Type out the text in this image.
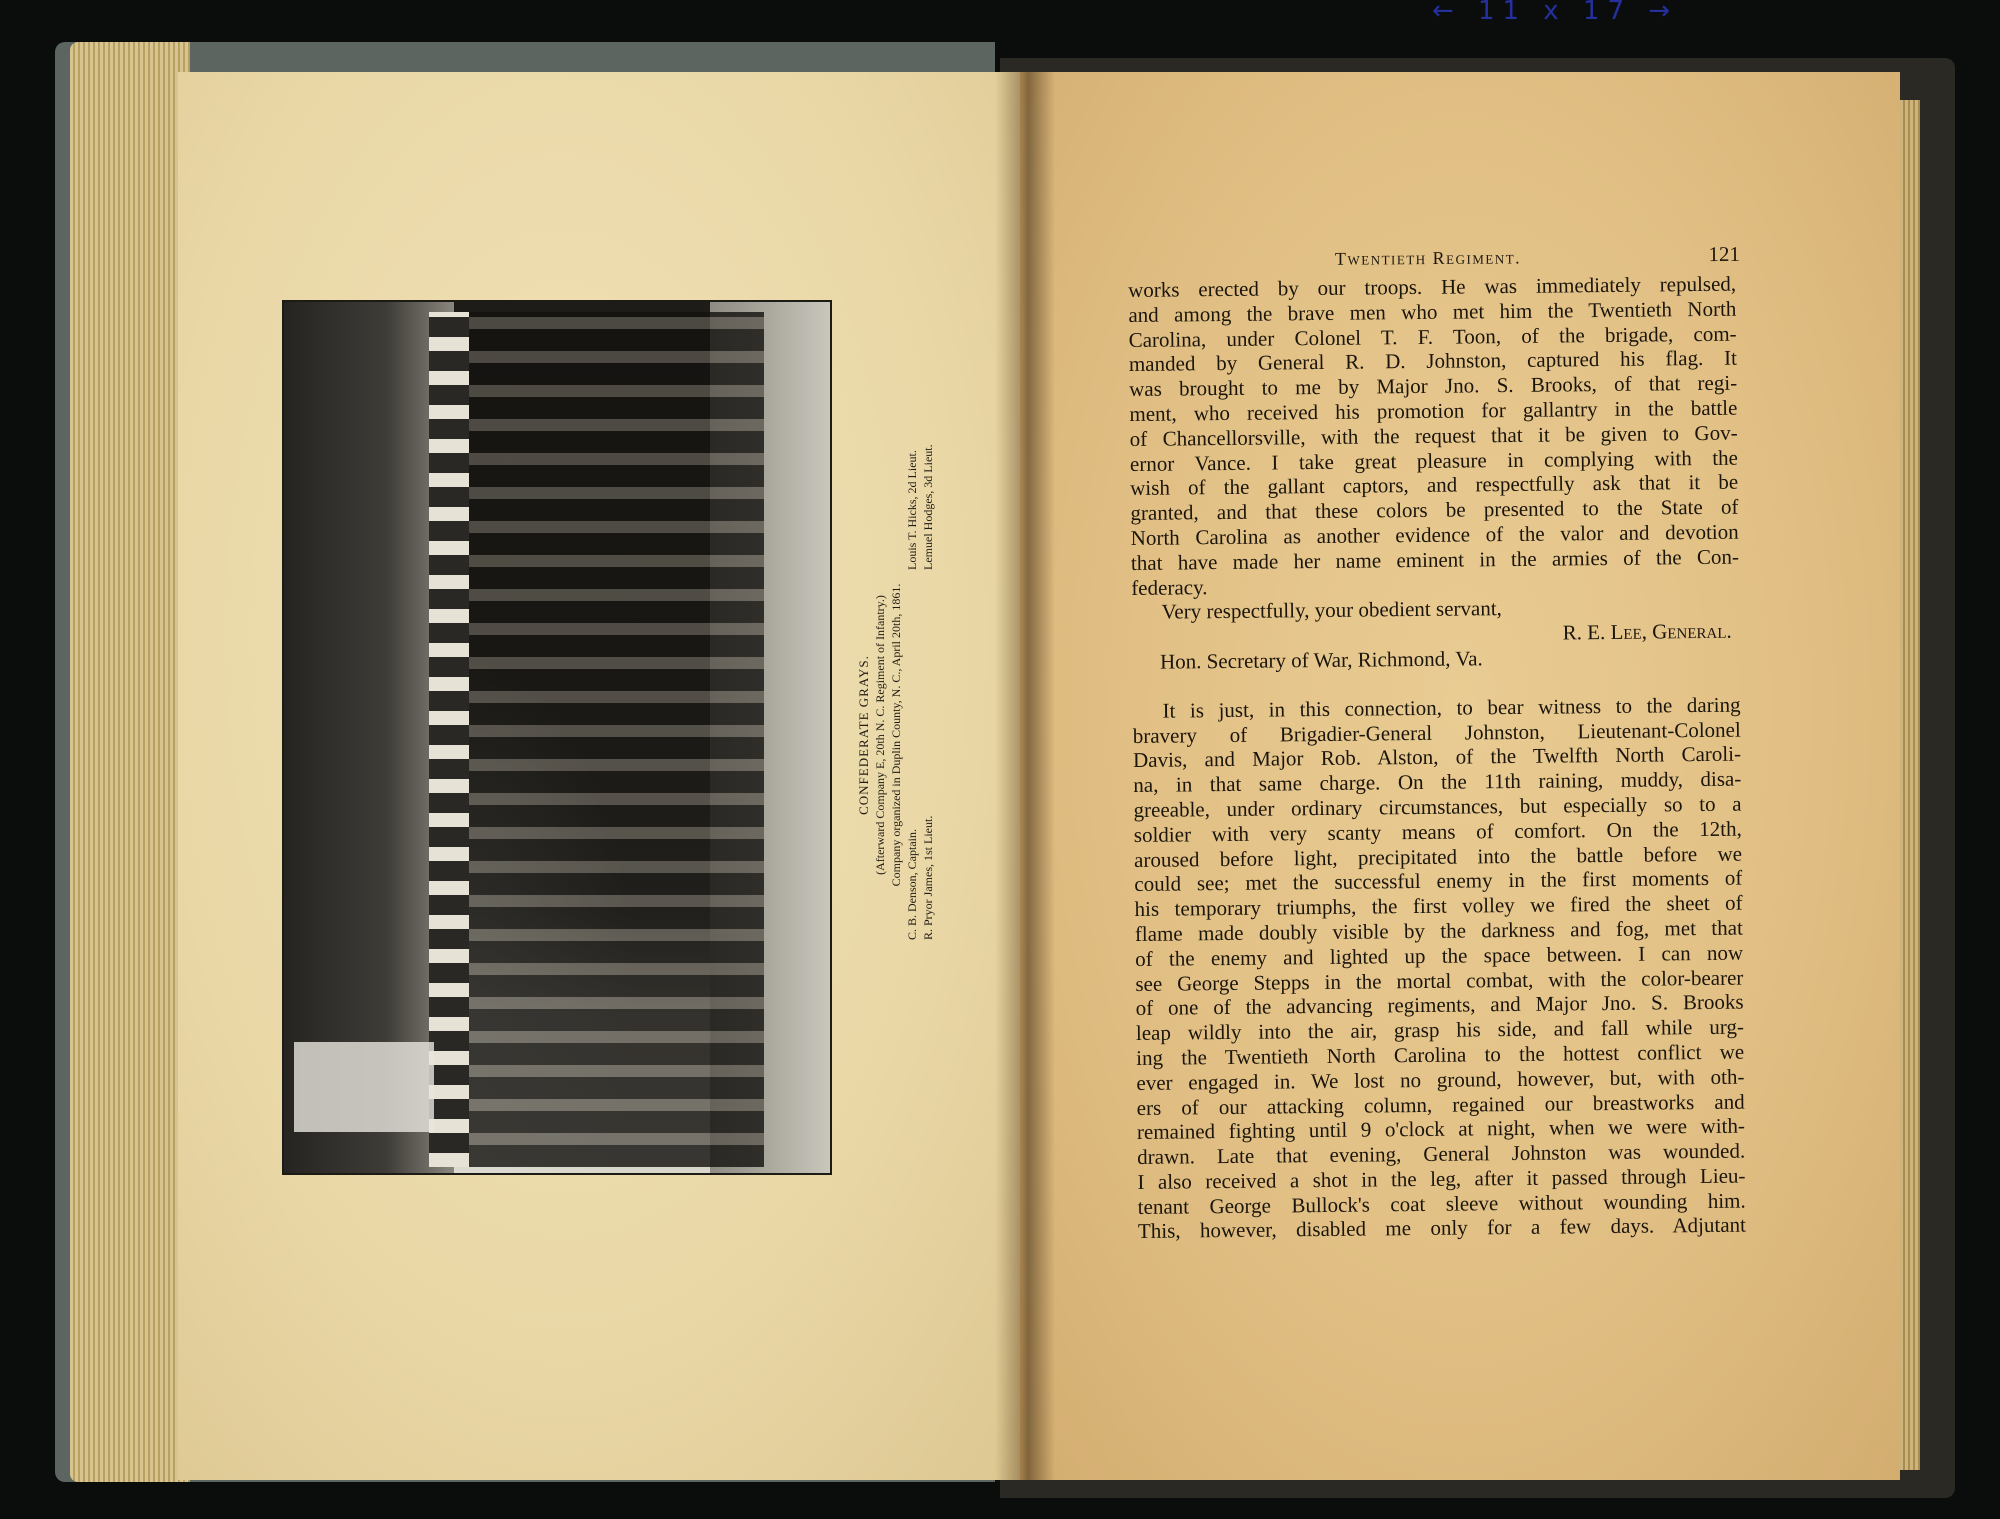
← 11 x 17 →
CONFEDERATE GRAYS. (Afterward Company E, 20th N. C. Regiment of Infantry.) Company organized in Duplin County, N. C., April 20th, 1861. C. B. Denson, Captain. R. Pryor James, 1st Lieut.
Louis T. Hicks, 2d Lieut. Lemuel Hodges, 3d Lieut.
Twentieth Regiment.	121
works erected by our troops. He was immediately repulsed,
and among the brave men who met him the Twentieth North
Carolina, under Colonel T. F. Toon, of the brigade, com-
manded by General R. D. Johnston, captured his flag. It
was brought to me by Major Jno. S. Brooks, of that regi-
ment, who received his promotion for gallantry in the battle
of Chancellorsville, with the request that it be given to Gov-
ernor Vance. I take great pleasure in complying with the
wish of the gallant captors, and respectfully ask that it be
granted, and that these colors be presented to the State of
North Carolina as another evidence of the valor and devotion
that have made her name eminent in the armies of the Con-
federacy.
Very respectfully, your obedient servant,
R. E. Lee, General.
Hon. Secretary of War, Richmond, Va.
It is just, in this connection, to bear witness to the daring
bravery of Brigadier-General Johnston, Lieutenant-Colonel
Davis, and Major Rob. Alston, of the Twelfth North Caroli-
na, in that same charge. On the 11th raining, muddy, disa-
greeable, under ordinary circumstances, but especially so to a
soldier with very scanty means of comfort. On the 12th,
aroused before light, precipitated into the battle before we
could see; met the successful enemy in the first moments of
his temporary triumphs, the first volley we fired the sheet of
flame made doubly visible by the darkness and fog, met that
of the enemy and lighted up the space between. I can now
see George Stepps in the mortal combat, with the color-bearer
of one of the advancing regiments, and Major Jno. S. Brooks
leap wildly into the air, grasp his side, and fall while urg-
ing the Twentieth North Carolina to the hottest conflict we
ever engaged in. We lost no ground, however, but, with oth-
ers of our attacking column, regained our breastworks and
remained fighting until 9 o'clock at night, when we were with-
drawn. Late that evening, General Johnston was wounded.
I also received a shot in the leg, after it passed through Lieu-
tenant George Bullock's coat sleeve without wounding him.
This, however, disabled me only for a few days. Adjutant
